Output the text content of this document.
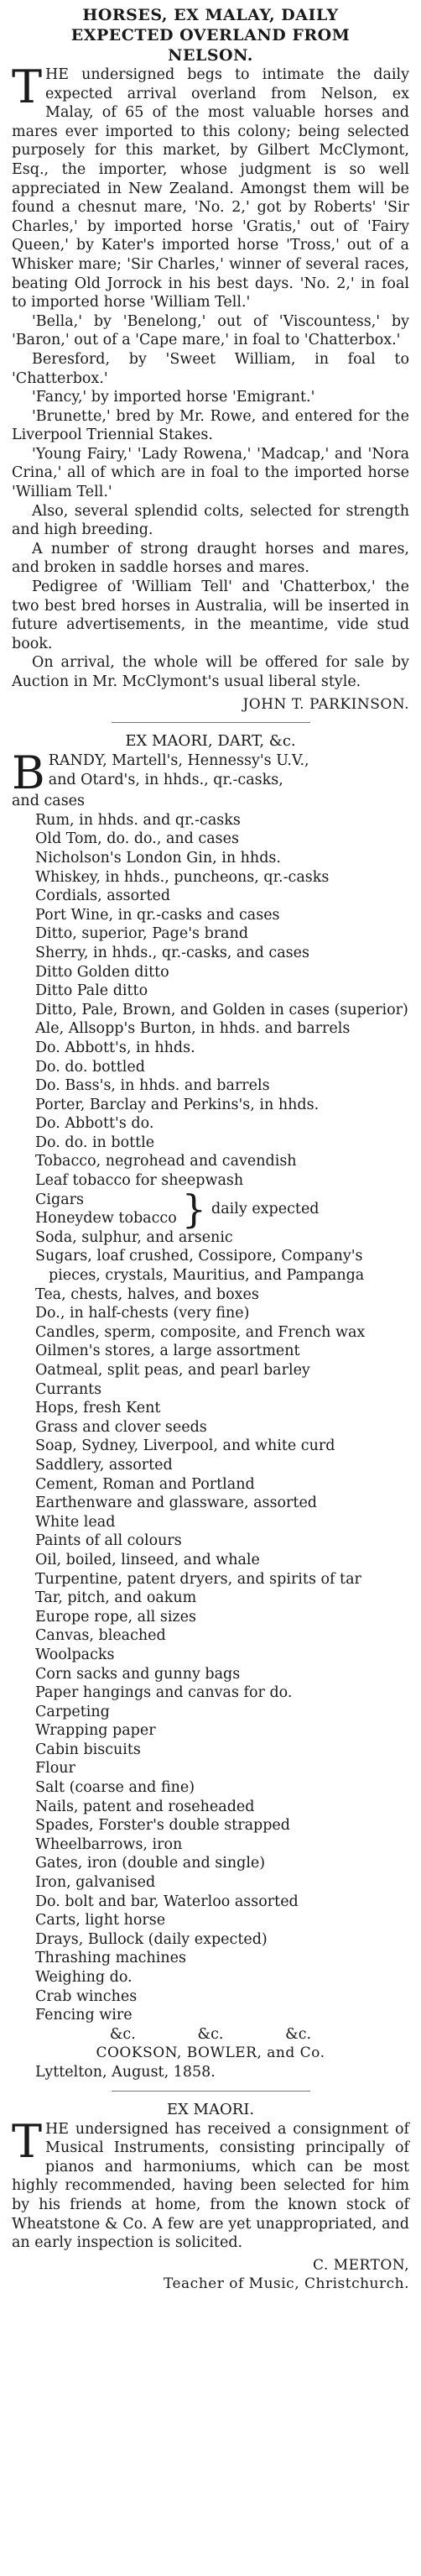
HORSES, EX MALAY, DAILY
EXPECTED OVERLAND FROM
NELSON.

T HE undersigned begs to intimate the daily expected arrival overland from Nelson, ex Malay, of 65 of the most valuable horses and mares ever imported to this colony; being selected purposely for this market, by Gilbert McClymont, Esq., the importer, whose judgment is so well appreciated in New Zealand. Amongst them will be found a chesnut mare, 'No. 2,' got by Roberts' 'Sir Charles,' by imported horse 'Gratis,' out of 'Fairy Queen,' by Kater's imported horse 'Tross,' out of a Whisker mare; 'Sir Charles,' winner of several races, beating Old Jorrock in his best days. 'No. 2,' in foal to imported horse 'William Tell.'

'Bella,' by 'Benelong,' out of 'Viscountess,' by 'Baron,' out of a 'Cape mare,' in foal to 'Chatterbox.'

Beresford, by 'Sweet William, in foal to 'Chatterbox.'

'Fancy,' by imported horse 'Emigrant.'

'Brunette,' bred by Mr. Rowe, and entered for the Liverpool Triennial Stakes.

'Young Fairy,' 'Lady Rowena,' 'Madcap,' and 'Nora Crina,' all of which are in foal to the imported horse 'William Tell.'

Also, several splendid colts, selected for strength and high breeding.

A number of strong draught horses and mares, and broken in saddle horses and mares.

Pedigree of 'William Tell' and 'Chatterbox,' the two best bred horses in Australia, will be inserted in future advertisements, in the meantime, vide stud book.

On arrival, the whole will be offered for sale by Auction in Mr. McClymont's usual liberal style.

JOHN T. PARKINSON.
EX MAORI, DART, &c.
B RANDY, Martell's, Hennessy's U.V.,
and Otard's, in hhds., qr.-casks,
and cases
Rum, in hhds. and qr.-casks
Old Tom, do. do., and cases
Nicholson's London Gin, in hhds.
Whiskey, in hhds., puncheons, qr.-casks
Cordials, assorted
Port Wine, in qr.-casks and cases
Ditto, superior, Page's brand
Sherry, in hhds., qr.-casks, and cases
Ditto Golden ditto
Ditto Pale ditto
Ditto, Pale, Brown, and Golden in cases (superior)
Ale, Allsopp's Burton, in hhds. and barrels
Do. Abbott's, in hhds.
Do. do. bottled
Do. Bass's, in hhds. and barrels
Porter, Barclay and Perkins's, in hhds.
Do. Abbott's do.
Do. do. in bottle
Tobacco, negrohead and cavendish
Leaf tobacco for sheepwash
Cigars
Honeydew tobacco } daily expected
Soda, sulphur, and arsenic
Sugars, loaf crushed, Cossipore, Company's pieces, crystals, Mauritius, and Pampanga
Tea, chests, halves, and boxes
Do., in half-chests (very fine)
Candles, sperm, composite, and French wax
Oilmen's stores, a large assortment
Oatmeal, split peas, and pearl barley
Currants
Hops, fresh Kent
Grass and clover seeds
Soap, Sydney, Liverpool, and white curd
Saddlery, assorted
Cement, Roman and Portland
Earthenware and glassware, assorted
White lead
Paints of all colours
Oil, boiled, linseed, and whale
Turpentine, patent dryers, and spirits of tar
Tar, pitch, and oakum
Europe rope, all sizes
Canvas, bleached
Woolpacks
Corn sacks and gunny bags
Paper hangings and canvas for do.
Carpeting
Wrapping paper
Cabin biscuits
Flour
Salt (coarse and fine)
Nails, patent and roseheaded
Spades, Forster's double strapped
Wheelbarrows, iron
Gates, iron (double and single)
Iron, galvanised
Do. bolt and bar, Waterloo assorted
Carts, light horse
Drays, Bullock (daily expected)
Thrashing machines
Weighing do.
Crab winches
Fencing wire
&c.	&c.	&c.
COOKSON, BOWLER, and Co.
Lyttelton, August, 1858.
EX MAORI.

T HE undersigned has received a consignment of Musical Instruments, consisting principally of pianos and harmoniums, which can be most highly recommended, having been selected for him by his friends at home, from the known stock of Wheatstone & Co. A few are yet unappropriated, and an early inspection is solicited.

C. MERTON,
Teacher of Music, Christchurch.
